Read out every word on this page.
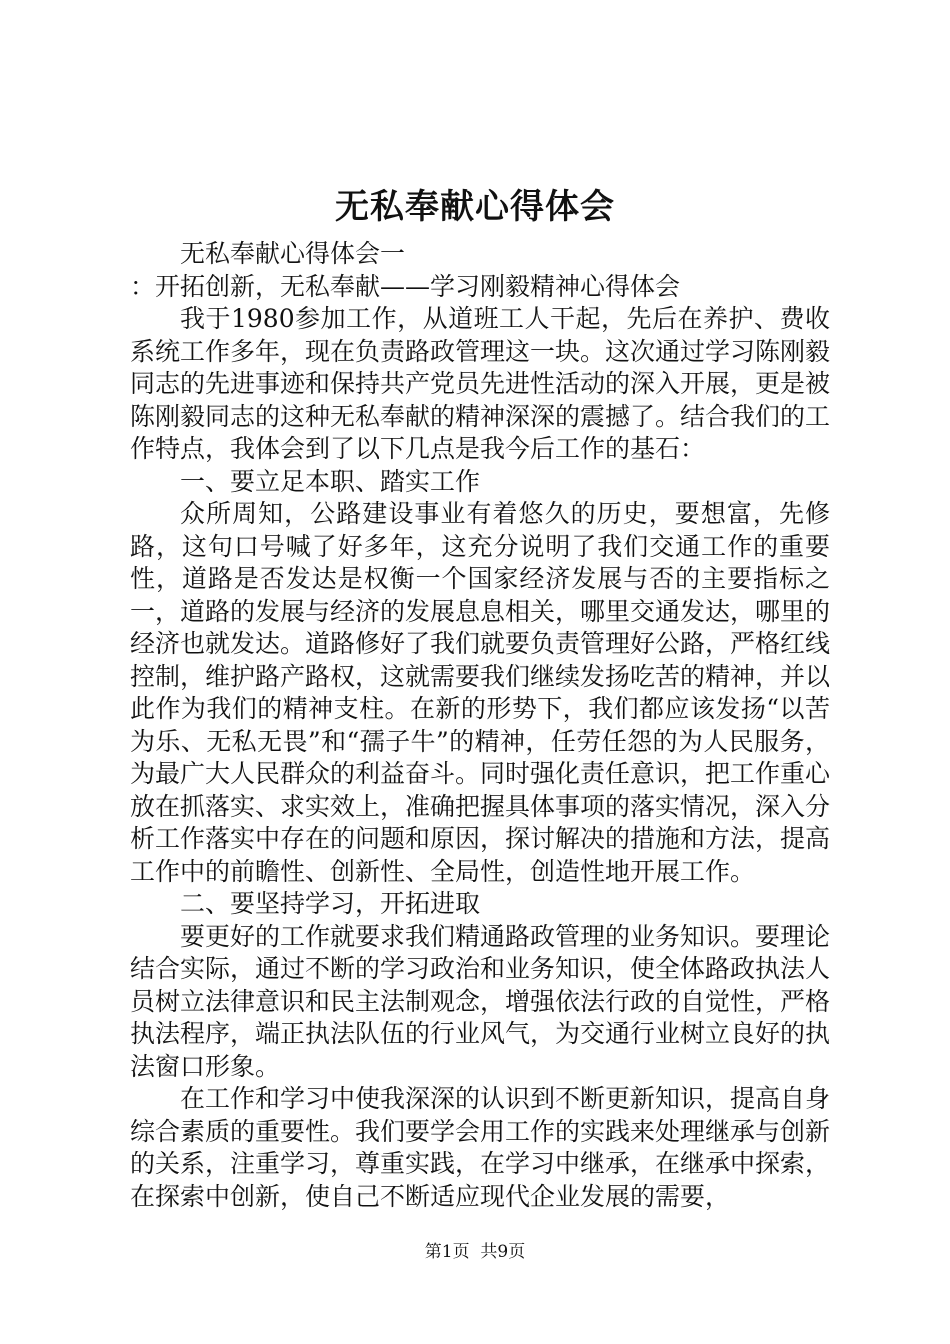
无私奉献心得体会

无私奉献心得体会一

：开拓创新，无私奉献——学习刚毅精神心得体会

我于1980参加工作，从道班工人干起，先后在养护、费收系统工作多年，现在负责路政管理这一块。这次通过学习陈刚毅同志的先进事迹和保持共产党员先进性活动的深入开展，更是被陈刚毅同志的这种无私奉献的精神深深的震撼了。结合我们的工作特点，我体会到了以下几点是我今后工作的基石：

一、要立足本职、踏实工作

众所周知，公路建设事业有着悠久的历史，要想富，先修路，这句口号喊了好多年，这充分说明了我们交通工作的重要性，道路是否发达是权衡一个国家经济发展与否的主要指标之一，道路的发展与经济的发展息息相关，哪里交通发达，哪里的经济也就发达。道路修好了我们就要负责管理好公路，严格红线控制，维护路产路权，这就需要我们继续发扬吃苦的精神，并以此作为我们的精神支柱。在新的形势下，我们都应该发扬“以苦为乐、无私无畏”和“孺子牛”的精神，任劳任怨的为人民服务，为最广大人民群众的利益奋斗。同时强化责任意识，把工作重心放在抓落实、求实效上，准确把握具体事项的落实情况，深入分析工作落实中存在的问题和原因，探讨解决的措施和方法，提高工作中的前瞻性、创新性、全局性，创造性地开展工作。

二、要坚持学习，开拓进取

要更好的工作就要求我们精通路政管理的业务知识。要理论结合实际，通过不断的学习政治和业务知识，使全体路政执法人员树立法律意识和民主法制观念，增强依法行政的自觉性，严格执法程序，端正执法队伍的行业风气，为交通行业树立良好的执法窗口形象。

在工作和学习中使我深深的认识到不断更新知识，提高自身综合素质的重要性。我们要学会用工作的实践来处理继承与创新的关系，注重学习，尊重实践，在学习中继承，在继承中探索，在探索中创新，使自己不断适应现代企业发展的需要，

第1页 共9页
